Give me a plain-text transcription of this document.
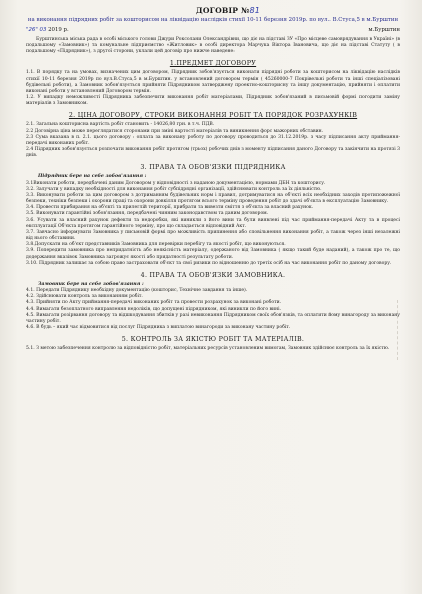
ДОГОВІР №81
на виконання підрядних робіт за кошторисом на ліквідацію наслідків стихії 10-11 березня 2019р. по вул.. В.Стуса,5 в м.Бурштин
"26" 03 2019 р.	м.Бурштин

Бурштинська міська рада в особі міського голови Джури Роксолани Олександрівни, що діє на підставі ЗУ «Про місцеве самоврядування в Україні» (в подальшому «Замовник») та комунальне підприємство «Житловик» в особі директора Марчука Віктора Івановича, що діє на підставі Статуту ( в подальшому «Підрядник»), з другої сторони, уклали цей договір про нижче наведене:

1.ПРЕДМЕТ ДОГОВОРУ

1.1. В порядку та на умовах, визначених цим договором, Підрядник зобов'язується виконати підрядні роботи за кошторисом на ліквідацію наслідків стихії 10-11 березня 2019р по вул.В.Стуса,5 в м.Бурштин. у встановлений договором термін ( 45260000-7 Покрівельні роботи та інші спеціалізовані будівельні роботи), а Замовник зобов'язується прийняти Підрядником затверджену проектно-кошторисну та іншу документацію, прийняти і оплатити виконані роботи у встановлений Договором термін.

1.2. У випадку неможливості Підрядника забезпечити виконання робіт матеріалами, Підрядник зобов'язаний в письмовій формі погодити заміну матеріалів з Замовником.

2. ЦІНА ДОГОВОРУ, СТРОКИ ВИКОНАННЯ РОБІТ ТА ПОРЯДОК РОЗРАХУНКІВ

2.1. Загальна кошторисна вартість робіт становить - 14026,80 грн. в т.ч. ПДВ.

2.2 Договірна ціна може переглядатися сторонами при зміні вартості матеріалів та виникнення форс мажорних обставин.

2.3 Сума вказана в п. 2.1. цього договору : оплата за виконану роботу по договору проводиться до 31.12.2019р. з часу підписання акту приймання-передачі виконаних робіт.

2.4 Підрядник зобов'язується розпочати виконання робіт протягом (трьох) робочих днів з моменту підписання даного Договору та закінчити на протязі 3 днів.

3. ПРАВА ТА ОБОВ'ЯЗКИ ПІДРЯДНИКА
Підрядник бере на себе зобов'язання :

3.1Виконати роботи, передбачені даним Договором у відповідності з наданою документацією, нормами ДБН та кошторису.

3.2. Залучати у випадку необхідності для виконання робіт субпідрядні організації, здійснювати контроль за їх діяльністю.

3.3. Виконувати роботи за цим договором з дотриманням будівельних норм і правил, дотримуватися на об'єкті всіх необхідних заходів протипожежної безпеки, техніки безпеки і охорони праці та охорони довкілля протягом всього терміну проведення робіт до здачі об'єкта в експлуатацію Замовнику.

3.4. Провести прибирання на об'єкті та прилеглій території, прибрати та вивезти сміття з об'єкта за власний рахунок.

3.5. Виконувати гарантійні зобов'язання, передбачені чинним законодавством та даним договором.

3.6. Усувати за власний рахунок дефекти та недоробки, які виникли з його вини та були виявлені під час приймання-передачі Акту та в процесі експлуатації Об'єкта протягом гарантійного терміну, про що складається відповідний Акт.

3.7. Завчасно інформувати Замовника у письмовій формі про можливість припинення або сповільнення виконання робіт, а також через інші незалежні від нього обставини.

3.8.Допускати на об'єкт представників Замовника для перевірки перебігу та якості робіт, що виконуються.

3.9. Попередити замовника про непридатність або неякісність матеріалу, одержаного від Замовника ( якщо такий буде наданий), а також про те, що додержання вказівок Замовника загрожує якості або придатності результату роботи.

3.10. Підрядник залишає за собою право застраховати об'єкт та свої ризики по відношенню до третіх осіб на час виконання робіт по даному договору.

4. ПРАВА ТА ОБОВ'ЯЗКИ ЗАМОВНИКА.
Замовник бере на себе зобов'язання :

4.1. Передати Підряднику необхідну документацію (кошторис, Технічне завдання та інше).

4.2. Здійснювати контроль за виконанням робіт.

4.3. Прийняти по Акту приймання-передачі виконаних робіт та провести розрахунок за виконані роботи.

4.4. Вимагати безоплатного виправлення недоліків, що допущені підрядником, які виникли по його вині.

4.5. Вимагати розірвання договору та відшкодування збитків у разі невиконання Підрядником своїх обов'язків, та оплатити йому винагороду за виконану частину робіт.

4.6. В будь – який час відмовитися від послуг Підрядника з виплатою винагороди за виконану частину робіт.

5. КОНТРОЛЬ ЗА ЯКІСТЮ РОБІТ ТА МАТЕРІАЛІВ.

5.1. З метою забезпечення контролю за відповідністю робіт, матеріальних ресурсів установленим вимогам, Замовник здійснює контроль за їх якістю.
